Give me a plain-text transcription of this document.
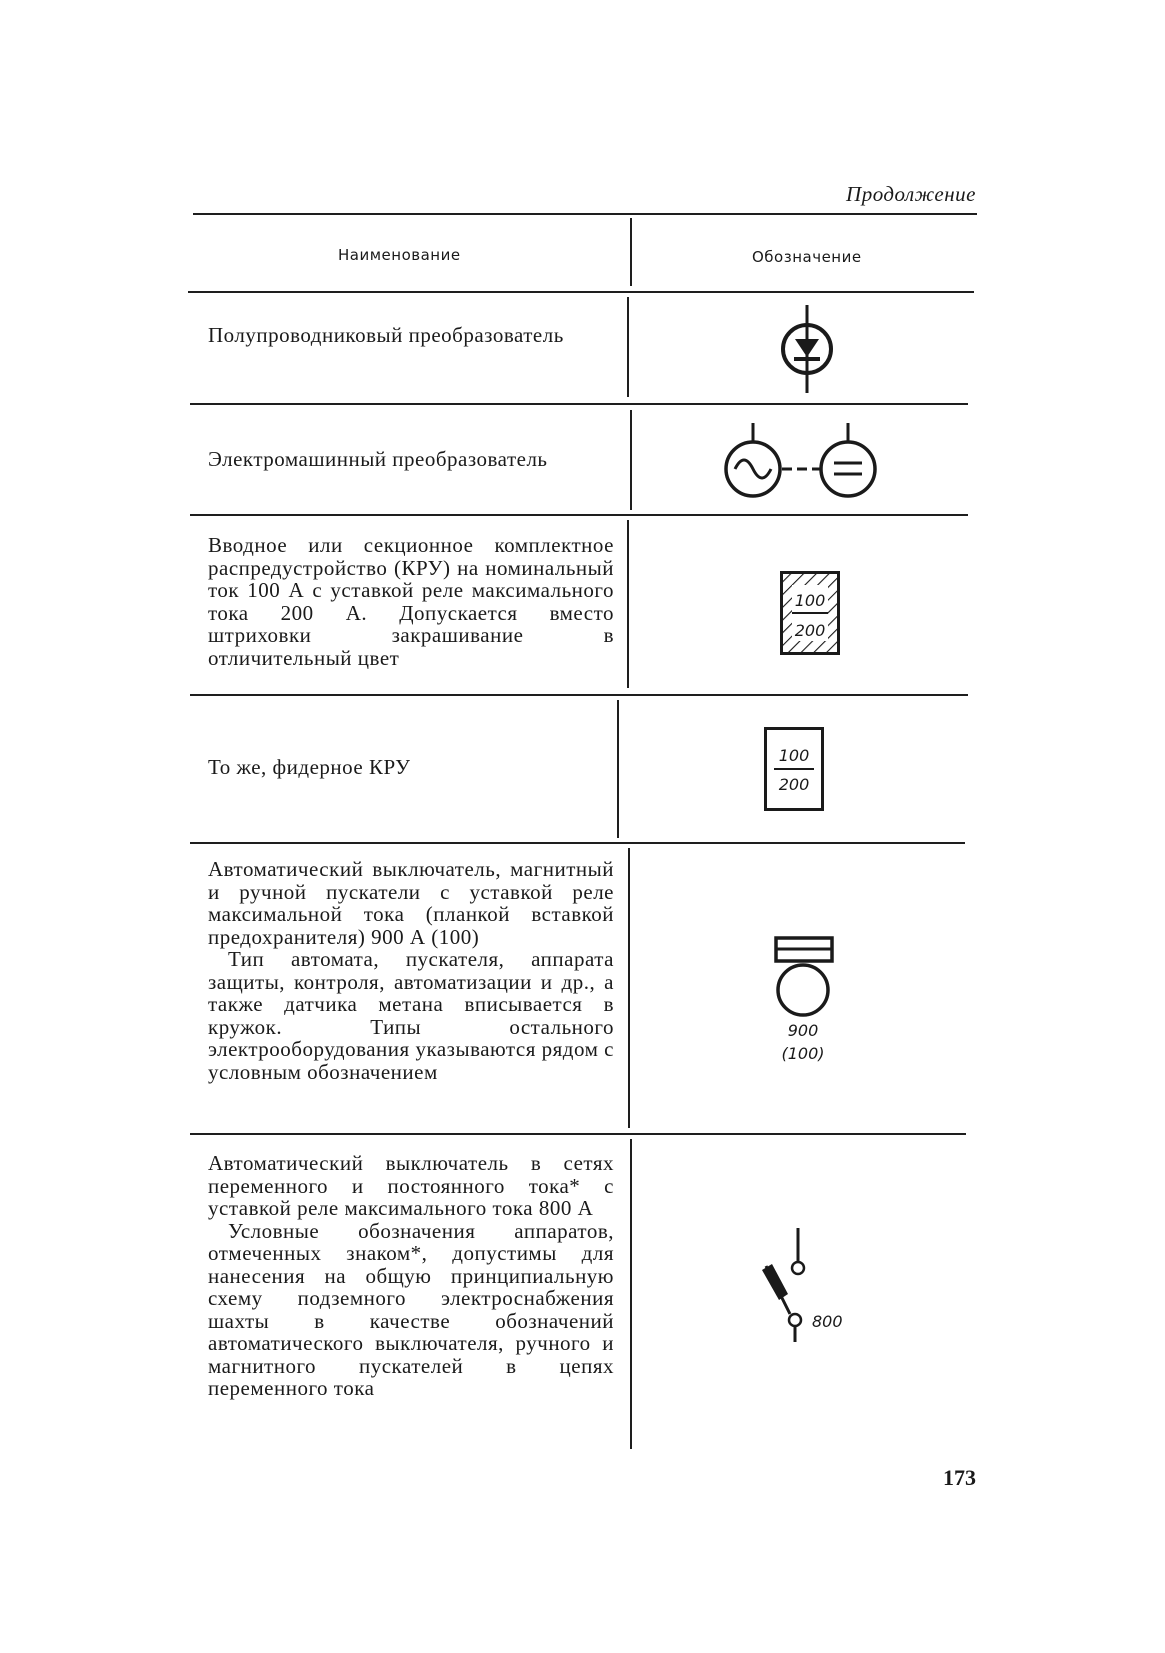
Продолжение
Наименование	Обозначение

Полупроводниковый преобразователь

Электромашинный преобразователь

Вводное или секционное комплектное распредустройство (КРУ) на номинальный ток 100 А с уставкой реле максимального тока 200 А. Допускается вместо штриховки закрашивание в отличительный цвет

100
200

То же, фидерное КРУ	100
200

Автоматический выключатель, магнитный и ручной пускатели с уставкой реле максимальной тока (планкой вставкой предохранителя) 900 А (100)

Тип автомата, пускателя, аппарата защиты, контроля, автоматизации и др., а также датчика метана вписывается в кружок. Типы остального электрооборудования указываются рядом с условным обозначением

900
(100)

Автоматический выключатель в сетях переменного и постоянного тока* с уставкой реле максимального тока 800 А

Условные обозначения аппаратов, отмеченных знаком*, допустимы для нанесения на общую принципиальную схему подземного электроснабжения шахты в качестве обозначений автоматического выключателя, ручного и магнитного пускателей в цепях переменного тока

800
173
